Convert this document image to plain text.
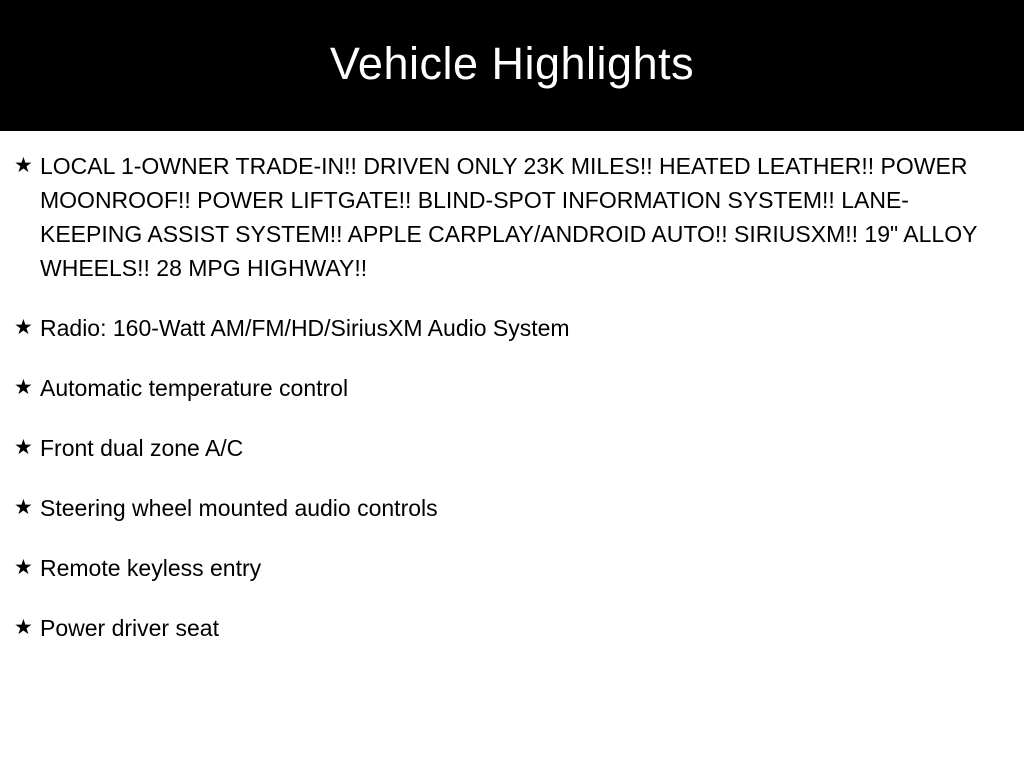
Vehicle Highlights
★ LOCAL 1-OWNER TRADE-IN!! DRIVEN ONLY 23K MILES!! HEATED LEATHER!! POWER MOONROOF!! POWER LIFTGATE!! BLIND-SPOT INFORMATION SYSTEM!! LANE-KEEPING ASSIST SYSTEM!! APPLE CARPLAY/ANDROID AUTO!! SIRIUSXM!! 19" ALLOY WHEELS!! 28 MPG HIGHWAY!!
★ Radio: 160-Watt AM/FM/HD/SiriusXM Audio System
★ Automatic temperature control
★ Front dual zone A/C
★ Steering wheel mounted audio controls
★ Remote keyless entry
★ Power driver seat
